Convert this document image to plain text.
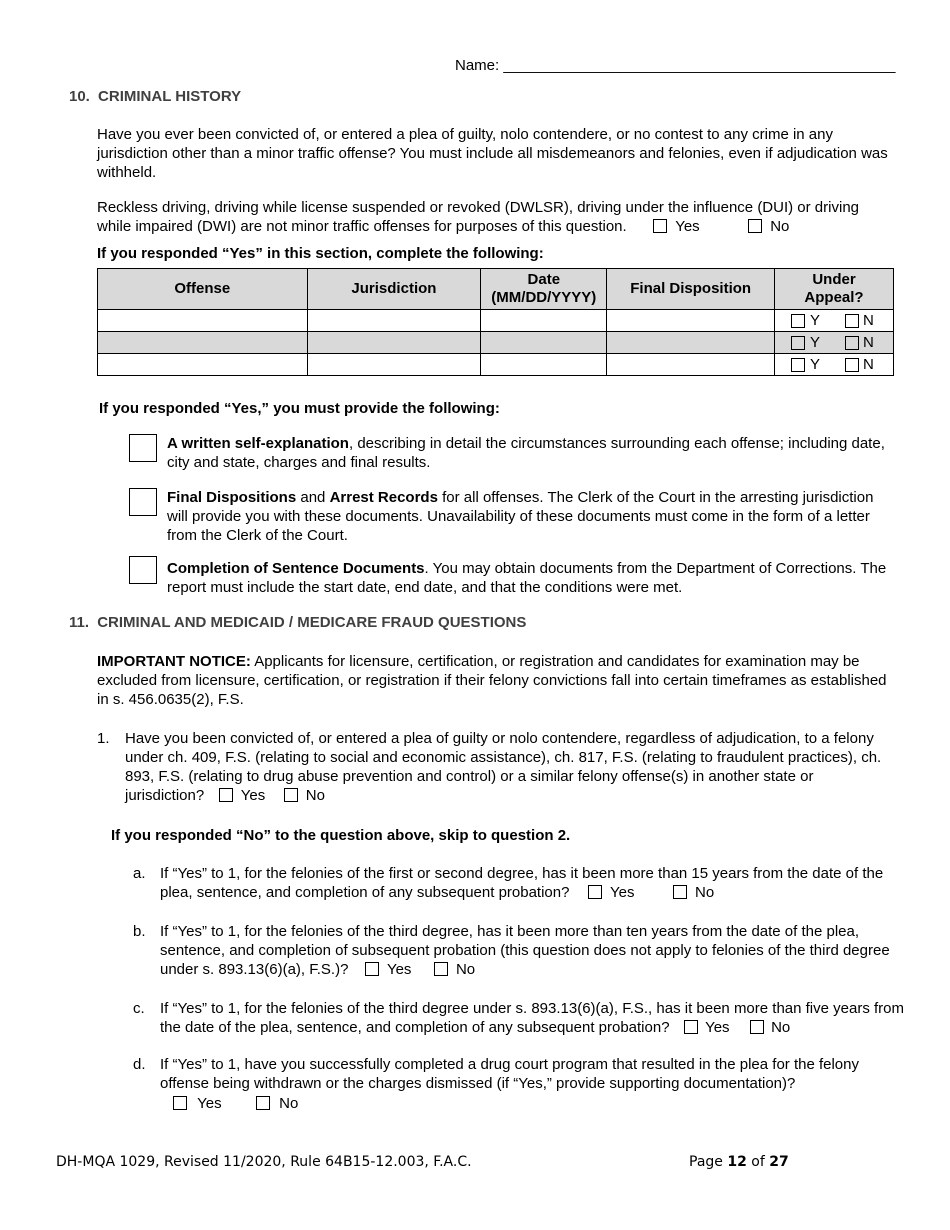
Name: _______________________________________________
10. CRIMINAL HISTORY
Have you ever been convicted of, or entered a plea of guilty, nolo contendere, or no contest to any crime in any jurisdiction other than a minor traffic offense? You must include all misdemeanors and felonies, even if adjudication was withheld.
Reckless driving, driving while license suspended or revoked (DWLSR), driving under the influence (DUI) or driving while impaired (DWI) are not minor traffic offenses for purposes of this question.	Yes	No
If you responded “Yes” in this section, complete the following:
Offense	Jurisdiction	Date (MM/DD/YYYY)	Final Disposition	Under Appeal?

				Y N

				Y N

				Y N
If you responded “Yes,” you must provide the following:
A written self-explanation, describing in detail the circumstances surrounding each offense; including date, city and state, charges and final results.
Final Dispositions and Arrest Records for all offenses. The Clerk of the Court in the arresting jurisdiction will provide you with these documents. Unavailability of these documents must come in the form of a letter from the Clerk of the Court.
Completion of Sentence Documents. You may obtain documents from the Department of Corrections. The report must include the start date, end date, and that the conditions were met.
11. CRIMINAL AND MEDICAID / MEDICARE FRAUD QUESTIONS
IMPORTANT NOTICE: Applicants for licensure, certification, or registration and candidates for examination may be excluded from licensure, certification, or registration if their felony convictions fall into certain timeframes as established in s. 456.0635(2), F.S.
1. Have you been convicted of, or entered a plea of guilty or nolo contendere, regardless of adjudication, to a felony under ch. 409, F.S. (relating to social and economic assistance), ch. 817, F.S. (relating to fraudulent practices), ch. 893, F.S. (relating to drug abuse prevention and control) or a similar felony offense(s) in another state or jurisdiction? Yes	No
If you responded “No” to the question above, skip to question 2.
a. If “Yes” to 1, for the felonies of the first or second degree, has it been more than 15 years from the date of the plea, sentence, and completion of any subsequent probation?	Yes	No
b. If “Yes” to 1, for the felonies of the third degree, has it been more than ten years from the date of the plea, sentence, and completion of subsequent probation (this question does not apply to felonies of the third degree under s. 893.13(6)(a), F.S.)?	Yes	No
c. If “Yes” to 1, for the felonies of the third degree under s. 893.13(6)(a), F.S., has it been more than five years from the date of the plea, sentence, and completion of any subsequent probation? Yes	No
d. If “Yes” to 1, have you successfully completed a drug court program that resulted in the plea for the felony offense being withdrawn or the charges dismissed (if “Yes,” provide supporting documentation)?
Yes	No
DH-MQA 1029, Revised 11/2020, Rule 64B15-12.003, F.A.C.	Page 12 of 27
